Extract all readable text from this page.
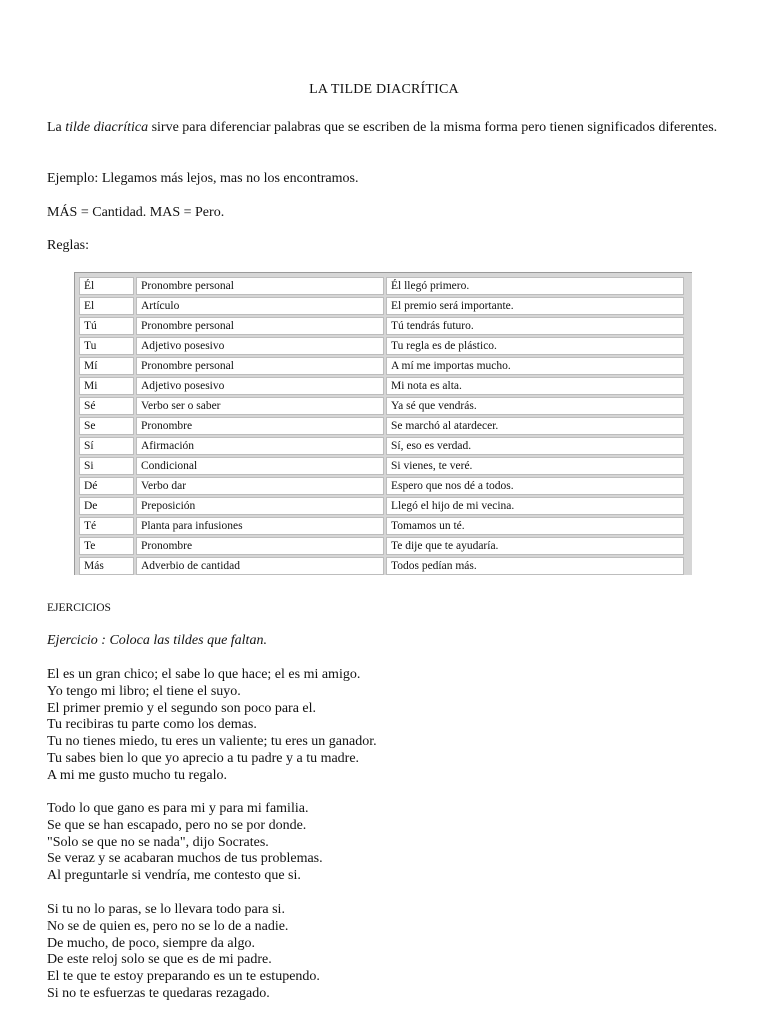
LA TILDE DIACRÍTICA
La tilde diacrítica sirve para diferenciar palabras que se escriben de la misma forma pero tienen significados diferentes.
Ejemplo: Llegamos más lejos, mas no los encontramos.
MÁS = Cantidad. MAS = Pero.
Reglas:
Él	Pronombre personal	Él llegó primero.
El	Artículo	El premio será importante.
Tú	Pronombre personal	Tú tendrás futuro.
Tu	Adjetivo posesivo	Tu regla es de plástico.
Mí	Pronombre personal	A mí me importas mucho.
Mi	Adjetivo posesivo	Mi nota es alta.
Sé	Verbo ser o saber	Ya sé que vendrás.
Se	Pronombre	Se marchó al atardecer.
Sí	Afirmación	Sí, eso es verdad.
Si	Condicional	Si vienes, te veré.
Dé	Verbo dar	Espero que nos dé a todos.
De	Preposición	Llegó el hijo de mi vecina.
Té	Planta para infusiones	Tomamos un té.
Te	Pronombre	Te dije que te ayudaría.
Más	Adverbio de cantidad	Todos pedían más.
EJERCICIOS
Ejercicio : Coloca las tildes que faltan.
El es un gran chico; el sabe lo que hace; el es mi amigo.
Yo tengo mi libro; el tiene el suyo.
El primer premio y el segundo son poco para el.
Tu recibiras tu parte como los demas.
Tu no tienes miedo, tu eres un valiente; tu eres un ganador.
Tu sabes bien lo que yo aprecio a tu padre y a tu madre.
A mi me gusto mucho tu regalo.
Todo lo que gano es para mi y para mi familia.
Se que se han escapado, pero no se por donde.
"Solo se que no se nada", dijo Socrates.
Se veraz y se acabaran muchos de tus problemas.
Al preguntarle si vendría, me contesto que si.
Si tu no lo paras, se lo llevara todo para si.
No se de quien es, pero no se lo de a nadie.
De mucho, de poco, siempre da algo.
De este reloj solo se que es de mi padre.
El te que te estoy preparando es un te estupendo.
Si no te esfuerzas te quedaras rezagado.
